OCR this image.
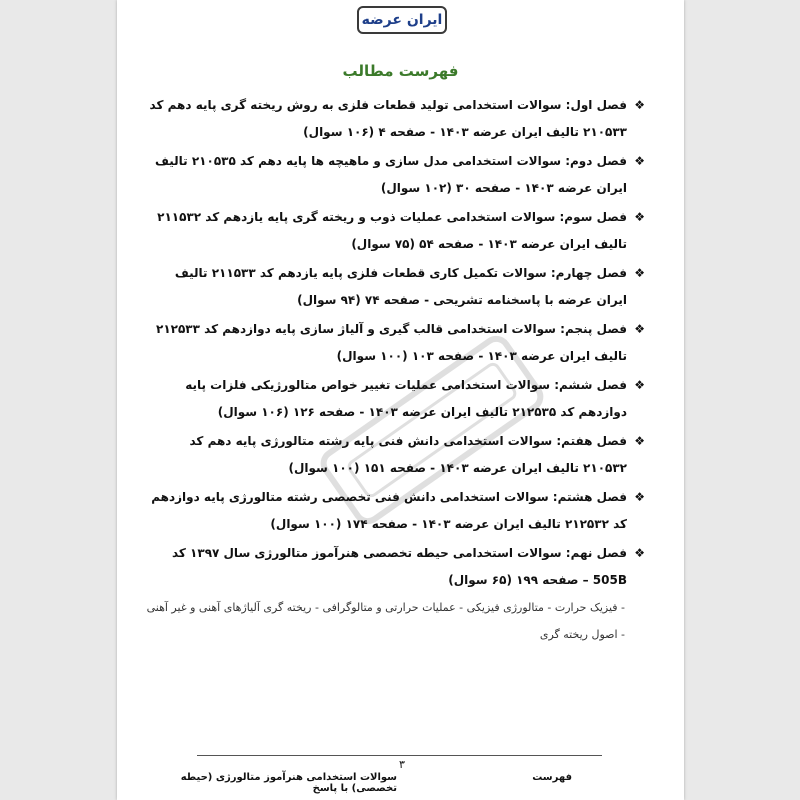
ایران عرضه
فهرست مطالب
❖
فصل اول: سوالات استخدامی تولید قطعات فلزی به روش ریخته گری پایه دهم کد ۲۱۰۵۳۳ تالیف ایران عرضه ۱۴۰۳ - صفحه ۴ (۱۰۶ سوال)
❖
فصل دوم: سوالات استخدامی مدل سازی و ماهیچه ها پایه دهم کد ۲۱۰۵۳۵ تالیف ایران عرضه ۱۴۰۳ - صفحه ۳۰ (۱۰۲ سوال)
❖
فصل سوم: سوالات استخدامی عملیات ذوب و ریخته گری پایه یازدهم کد ۲۱۱۵۳۲ تالیف ایران عرضه ۱۴۰۳ - صفحه ۵۴ (۷۵ سوال)
❖
فصل چهارم: سوالات تکمیل کاری قطعات فلزی پایه یازدهم کد ۲۱۱۵۳۳ تالیف ایران عرضه با پاسخنامه تشریحی - صفحه ۷۴ (۹۴ سوال)
❖
فصل پنجم: سوالات استخدامی قالب گیری و آلیاژ سازی پایه دوازدهم کد ۲۱۲۵۳۳ تالیف ایران عرضه ۱۴۰۳ - صفحه ۱۰۳ (۱۰۰ سوال)
❖
فصل ششم: سوالات استخدامی عملیات تغییر خواص متالورژیکی فلزات پایه دوازدهم کد ۲۱۲۵۳۵ تالیف ایران عرضه ۱۴۰۳ - صفحه ۱۲۶ (۱۰۶ سوال)
❖
فصل هفتم: سوالات استخدامی دانش فنی پایه رشته متالورژی پایه دهم کد ۲۱۰۵۳۲ تالیف ایران عرضه ۱۴۰۳ - صفحه ۱۵۱ (۱۰۰ سوال)
❖
فصل هشتم: سوالات استخدامی دانش فنی تخصصی رشته متالورژی پایه دوازدهم کد ۲۱۲۵۳۲ تالیف ایران عرضه ۱۴۰۳ - صفحه ۱۷۴ (۱۰۰ سوال)
❖
فصل نهم: سوالات استخدامی حیطه تخصصی هنرآموز متالورژی سال ۱۳۹۷ کد 505B – صفحه ۱۹۹ (۶۵ سوال)
- فیزیک حرارت - متالورژی فیزیکی - عملیات حرارتی و متالوگرافی - ریخته گری آلیاژهای آهنی و غیر آهنی - اصول ریخته گری
۳
فهرست
سوالات استخدامی هنرآموز متالورژی (حیطه تخصصی) با پاسخ
